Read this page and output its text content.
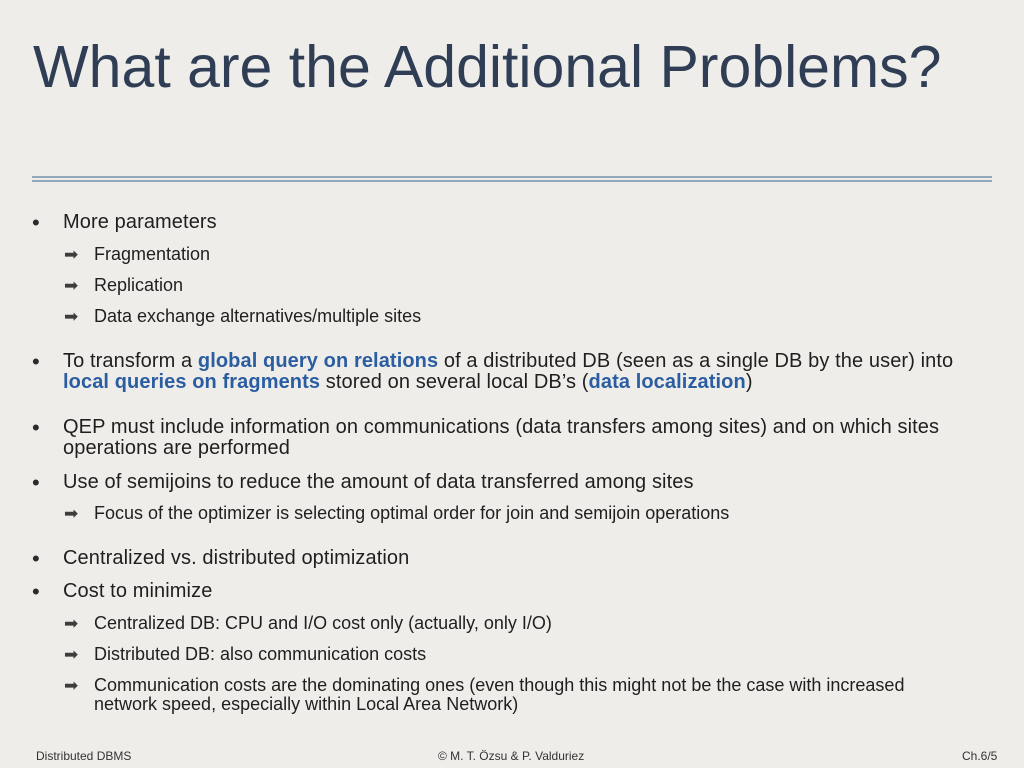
What are the Additional Problems?
• More parameters
➡ Fragmentation
➡ Replication
➡ Data exchange alternatives/multiple sites
• To transform a global query on relations of a distributed DB (seen as a single DB by the user) into local queries on fragments stored on several local DB’s (data localization)
• QEP must include information on communications (data transfers among sites) and on which sites operations are performed
• Use of semijoins to reduce the amount of data transferred among sites
➡ Focus of the optimizer is selecting optimal order for join and semijoin operations
• Centralized vs. distributed optimization
• Cost to minimize
➡ Centralized DB: CPU and I/O cost only (actually, only I/O)
➡ Distributed DB: also communication costs
➡ Communication costs are the dominating ones (even though this might not be the case with increased network speed, especially within Local Area Network)
Distributed DBMS	© M. T. Özsu & P. Valduriez	Ch.6/5
